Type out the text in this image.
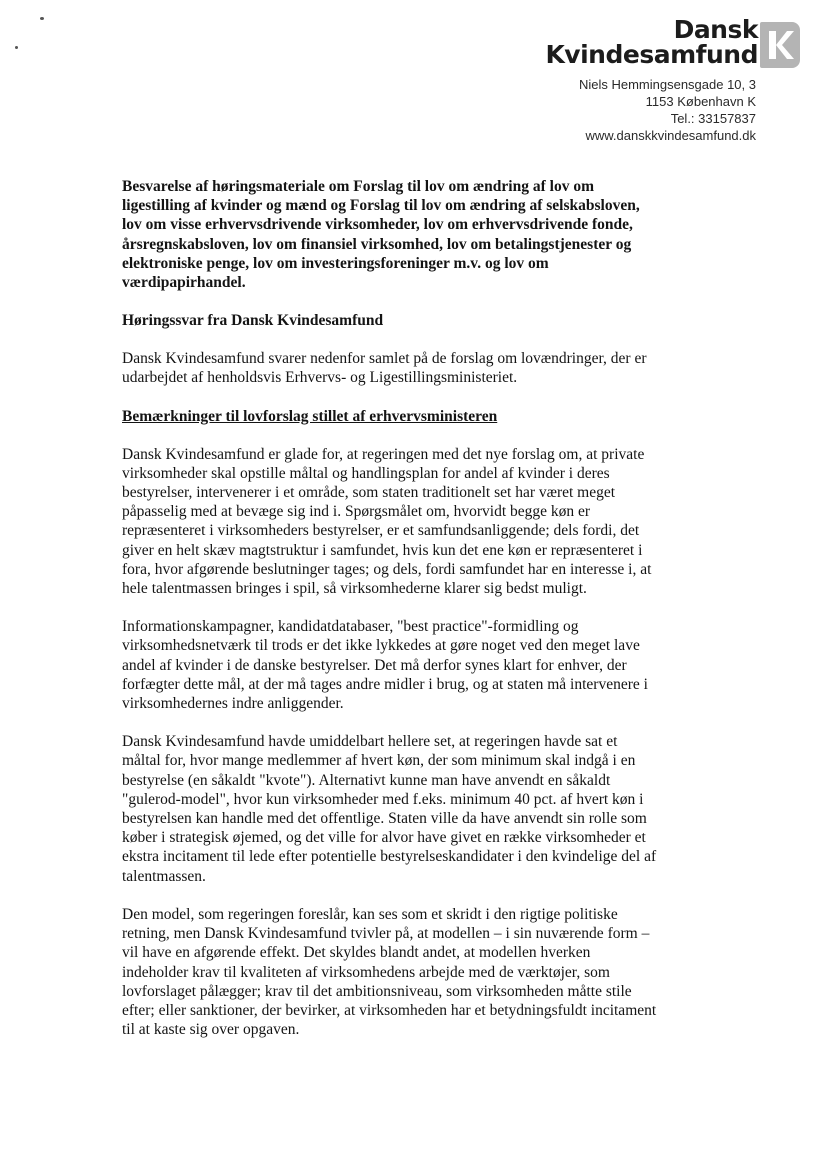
Dansk
Kvindesamfund
Niels Hemmingsensgade 10, 3
1153 København K
Tel.: 33157837
www.danskkvindesamfund.dk

Besvarelse af høringsmateriale om Forslag til lov om ændring af lov om
ligestilling af kvinder og mænd og Forslag til lov om ændring af selskabsloven,
lov om visse erhvervsdrivende virksomheder, lov om erhvervsdrivende fonde,
årsregnskabsloven, lov om finansiel virksomhed, lov om betalingstjenester og
elektroniske penge, lov om investeringsforeninger m.v. og lov om
værdipapirhandel.

Høringssvar fra Dansk Kvindesamfund

Dansk Kvindesamfund svarer nedenfor samlet på de forslag om lovændringer, der er
udarbejdet af henholdsvis Erhvervs- og Ligestillingsministeriet.

Bemærkninger til lovforslag stillet af erhvervsministeren

Dansk Kvindesamfund er glade for, at regeringen med det nye forslag om, at private
virksomheder skal opstille måltal og handlingsplan for andel af kvinder i deres
bestyrelser, intervenerer i et område, som staten traditionelt set har været meget
påpasselig med at bevæge sig ind i. Spørgsmålet om, hvorvidt begge køn er
repræsenteret i virksomheders bestyrelser, er et samfundsanliggende; dels fordi, det
giver en helt skæv magtstruktur i samfundet, hvis kun det ene køn er repræsenteret i
fora, hvor afgørende beslutninger tages; og dels, fordi samfundet har en interesse i, at
hele talentmassen bringes i spil, så virksomhederne klarer sig bedst muligt.

Informationskampagner, kandidatdatabaser, "best practice"-formidling og
virksomhedsnetværk til trods er det ikke lykkedes at gøre noget ved den meget lave
andel af kvinder i de danske bestyrelser. Det må derfor synes klart for enhver, der
forfægter dette mål, at der må tages andre midler i brug, og at staten må intervenere i
virksomhedernes indre anliggender.

Dansk Kvindesamfund havde umiddelbart hellere set, at regeringen havde sat et
måltal for, hvor mange medlemmer af hvert køn, der som minimum skal indgå i en
bestyrelse (en såkaldt "kvote"). Alternativt kunne man have anvendt en såkaldt
"gulerod-model", hvor kun virksomheder med f.eks. minimum 40 pct. af hvert køn i
bestyrelsen kan handle med det offentlige. Staten ville da have anvendt sin rolle som
køber i strategisk øjemed, og det ville for alvor have givet en række virksomheder et
ekstra incitament til lede efter potentielle bestyrelseskandidater i den kvindelige del af
talentmassen.

Den model, som regeringen foreslår, kan ses som et skridt i den rigtige politiske
retning, men Dansk Kvindesamfund tvivler på, at modellen – i sin nuværende form –
vil have en afgørende effekt. Det skyldes blandt andet, at modellen hverken
indeholder krav til kvaliteten af virksomhedens arbejde med de værktøjer, som
lovforslaget pålægger; krav til det ambitionsniveau, som virksomheden måtte stile
efter; eller sanktioner, der bevirker, at virksomheden har et betydningsfuldt incitament
til at kaste sig over opgaven.
